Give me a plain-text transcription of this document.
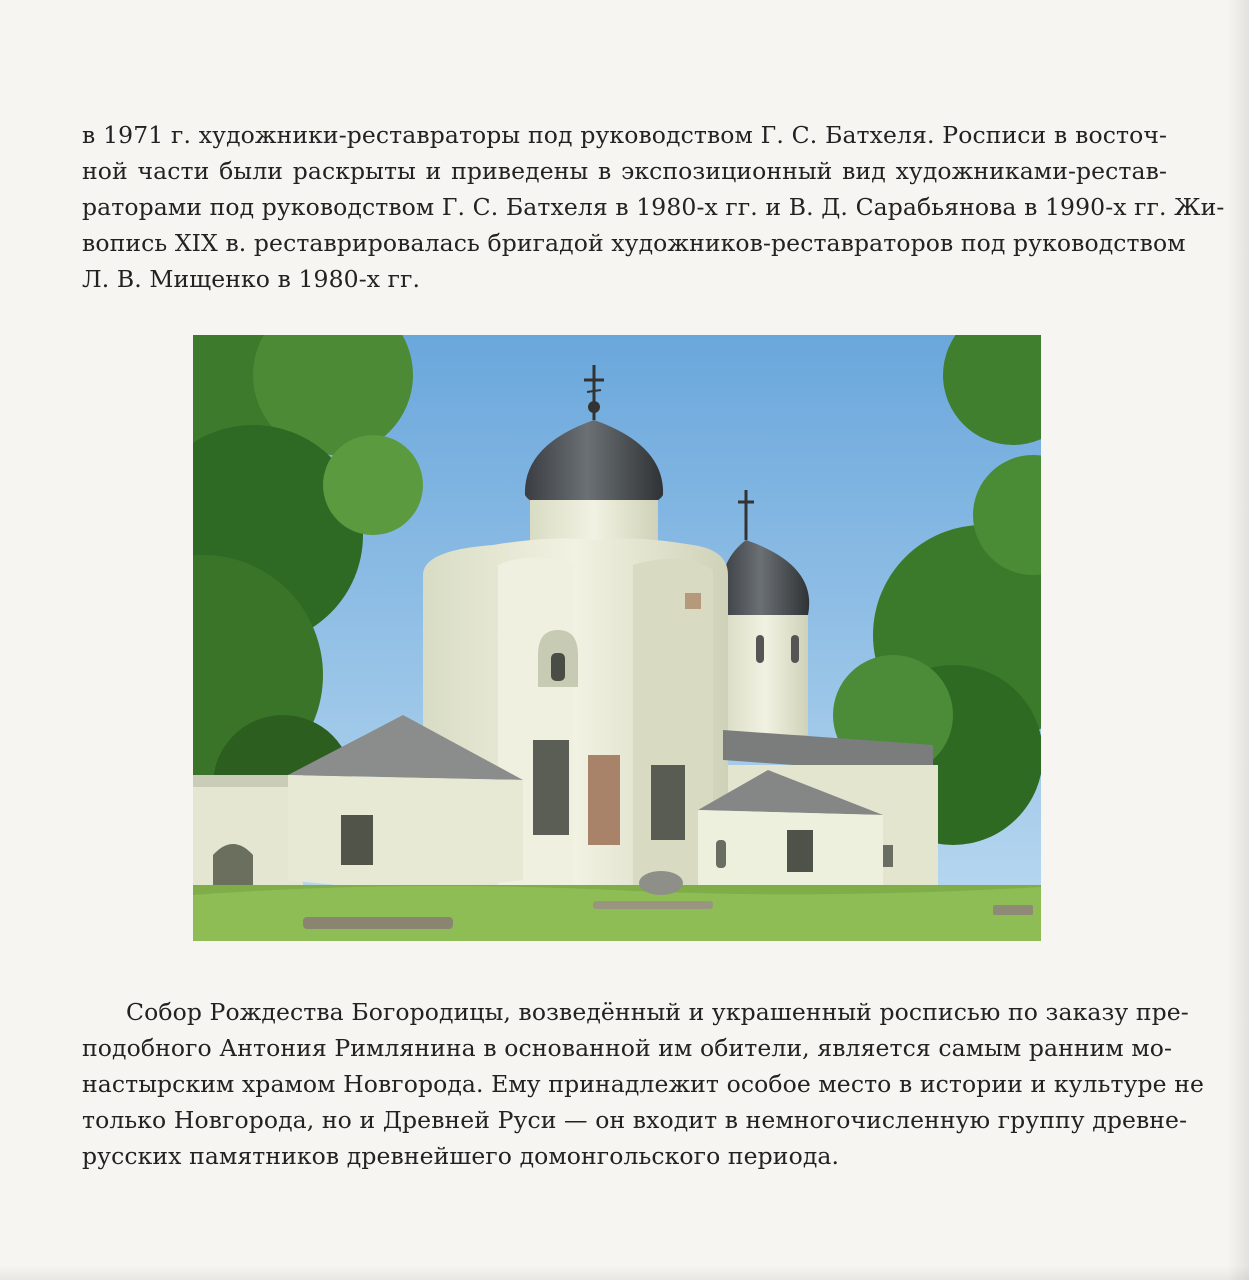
в 1971 г. художники-реставраторы под руководством Г. С. Батхеля. Росписи в восточ-
ной части были раскрыты и приведены в экспозиционный вид художниками-рестав-
раторами под руководством Г. С. Батхеля в 1980-х гг. и В. Д. Сарабьянова в 1990-х гг. Жи-
вопись XIX в. реставрировалась бригадой художников-реставраторов под руководством
Л. В. Мищенко в 1980-х гг.
Собор Рождества Богородицы, возведённый и украшенный росписью по заказу пре-
подобного Антония Римлянина в основанной им обители, является самым ранним мо-
настырским храмом Новгорода. Ему принадлежит особое место в истории и культуре не
только Новгорода, но и Древней Руси — он входит в немногочисленную группу древне-
русских памятников древнейшего домонгольского периода.
